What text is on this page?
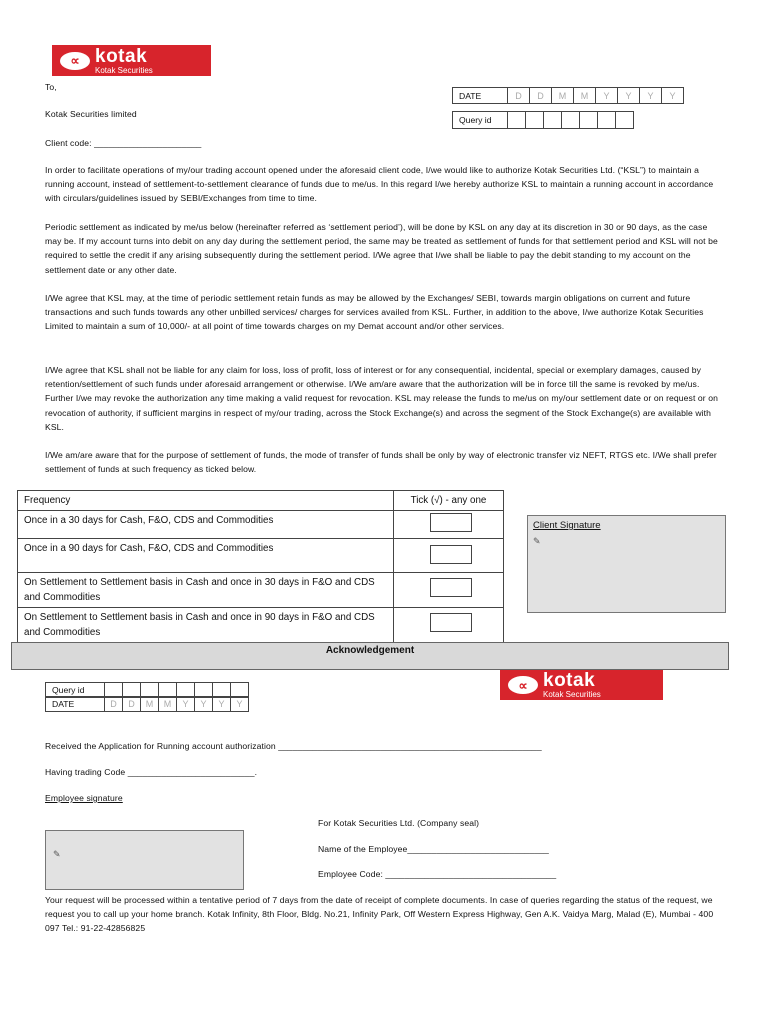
∝ kotak
Kotak Securities
To,
Kotak Securities limited
Client code: ______________________
DATE	D	D	M	M	Y	Y	Y	Y
Query id
In order to facilitate operations of my/our trading account opened under the aforesaid client code, I/we would like to authorize Kotak Securities Ltd. (“KSL”) to maintain a running account, instead of settlement-to-settlement clearance of funds due to me/us. In this regard I/we hereby authorize KSL to maintain a running account in accordance with circulars/guidelines issued by SEBI/Exchanges from time to time.
Periodic settlement as indicated by me/us below (hereinafter referred as ‘settlement period’), will be done by KSL on any day at its discretion in 30 or 90 days, as the case may be. If my account turns into debit on any day during the settlement period, the same may be treated as settlement of funds for that settlement period and KSL will not be required to settle the credit if any arising subsequently during the settlement period. I/We agree that I/we shall be liable to pay the debit standing to my account on the settlement date or any other date.
I/We agree that KSL may, at the time of periodic settlement retain funds as may be allowed by the Exchanges/ SEBI, towards margin obligations on current and future transactions and such funds towards any other unbilled services/ charges for services availed from KSL. Further, in addition to the above, I/we authorize Kotak Securities Limited to maintain a sum of 10,000/- at all point of time towards charges on my Demat account and/or other services.
I/We agree that KSL shall not be liable for any claim for loss, loss of profit, loss of interest or for any consequential, incidental, special or exemplary damages, caused by retention/settlement of such funds under aforesaid arrangement or otherwise. I/We am/are aware that the authorization will be in force till the same is revoked by me/us. Further I/we may revoke the authorization any time making a valid request for revocation. KSL may release the funds to me/us on my/our settlement date or on request or on revocation of authority, if sufficient margins in respect of my/our trading, across the Stock Exchange(s) and across the segment of the Stock Exchange(s) are available with KSL.
I/We am/are aware that for the purpose of settlement of funds, the mode of transfer of funds shall be only by way of electronic transfer viz NEFT, RTGS etc. I/We shall prefer settlement of funds at such frequency as ticked below.
Frequency	Tick (√) - any one
Once in a 30 days for Cash, F&O, CDS and Commodities	

Once in a 90 days for Cash, F&O, CDS and Commodities	

On Settlement to Settlement basis in Cash and once in 30 days in F&O and CDS and Commodities	

On Settlement to Settlement basis in Cash and once in 90 days in F&O and CDS and Commodities	
Client Signature
✎
Acknowledgement
Query id
DATE	D	D	M	M	Y	Y	Y	Y
∝ kotak
Kotak Securities
Received the Application for Running account authorization ______________________________________________________
Having trading Code __________________________.
Employee signature
✎
For Kotak Securities Ltd. (Company seal)
Name of the Employee_____________________________
Employee Code: ___________________________________
Your request will be processed within a tentative period of 7 days from the date of receipt of complete documents. In case of queries regarding the status of the request, we request you to call up your home branch. Kotak Infinity, 8th Floor, Bldg. No.21, Infinity Park, Off Western Express Highway, Gen A.K. Vaidya Marg, Malad (E), Mumbai - 400 097 Tel.: 91-22-42856825
